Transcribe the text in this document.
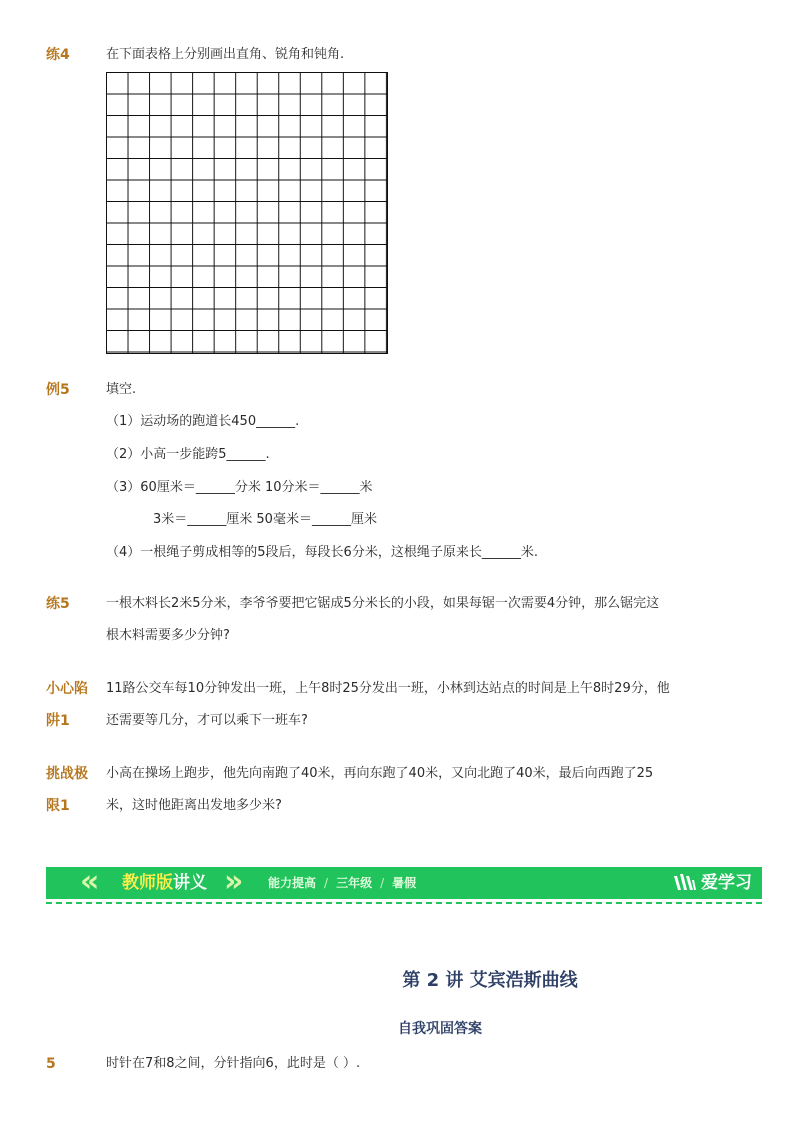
练4	在下面表格上分别画出直角、锐角和钝角.
例5	填空.
（1）运动场的跑道长450______.
（2）小高一步能跨5______.
（3）60厘米＝______分米 10分米＝______米
3米＝______厘米 50毫米＝______厘米
（4）一根绳子剪成相等的5段后，每段长6分米，这根绳子原来长______米.
练5	一根木料长2米5分米，李爷爷要把它锯成5分米长的小段，如果每锯一次需要4分钟，那么锯完这
根木料需要多少分钟?
小心陷
阱1
11路公交车每10分钟发出一班，上午8时25分发出一班，小林到达站点的时间是上午8时29分，他
还需要等几分，才可以乘下一班车?
挑战极
限1
小高在操场上跑步，他先向南跑了40米，再向东跑了40米，又向北跑了40米，最后向西跑了25
米，这时他距离出发地多少米?
« 教师版讲义 »	能力提高 / 三年级 / 暑假	爱学习
第 2 讲 艾宾浩斯曲线
自我巩固答案
5	时针在7和8之间，分针指向6，此时是（ ）.
